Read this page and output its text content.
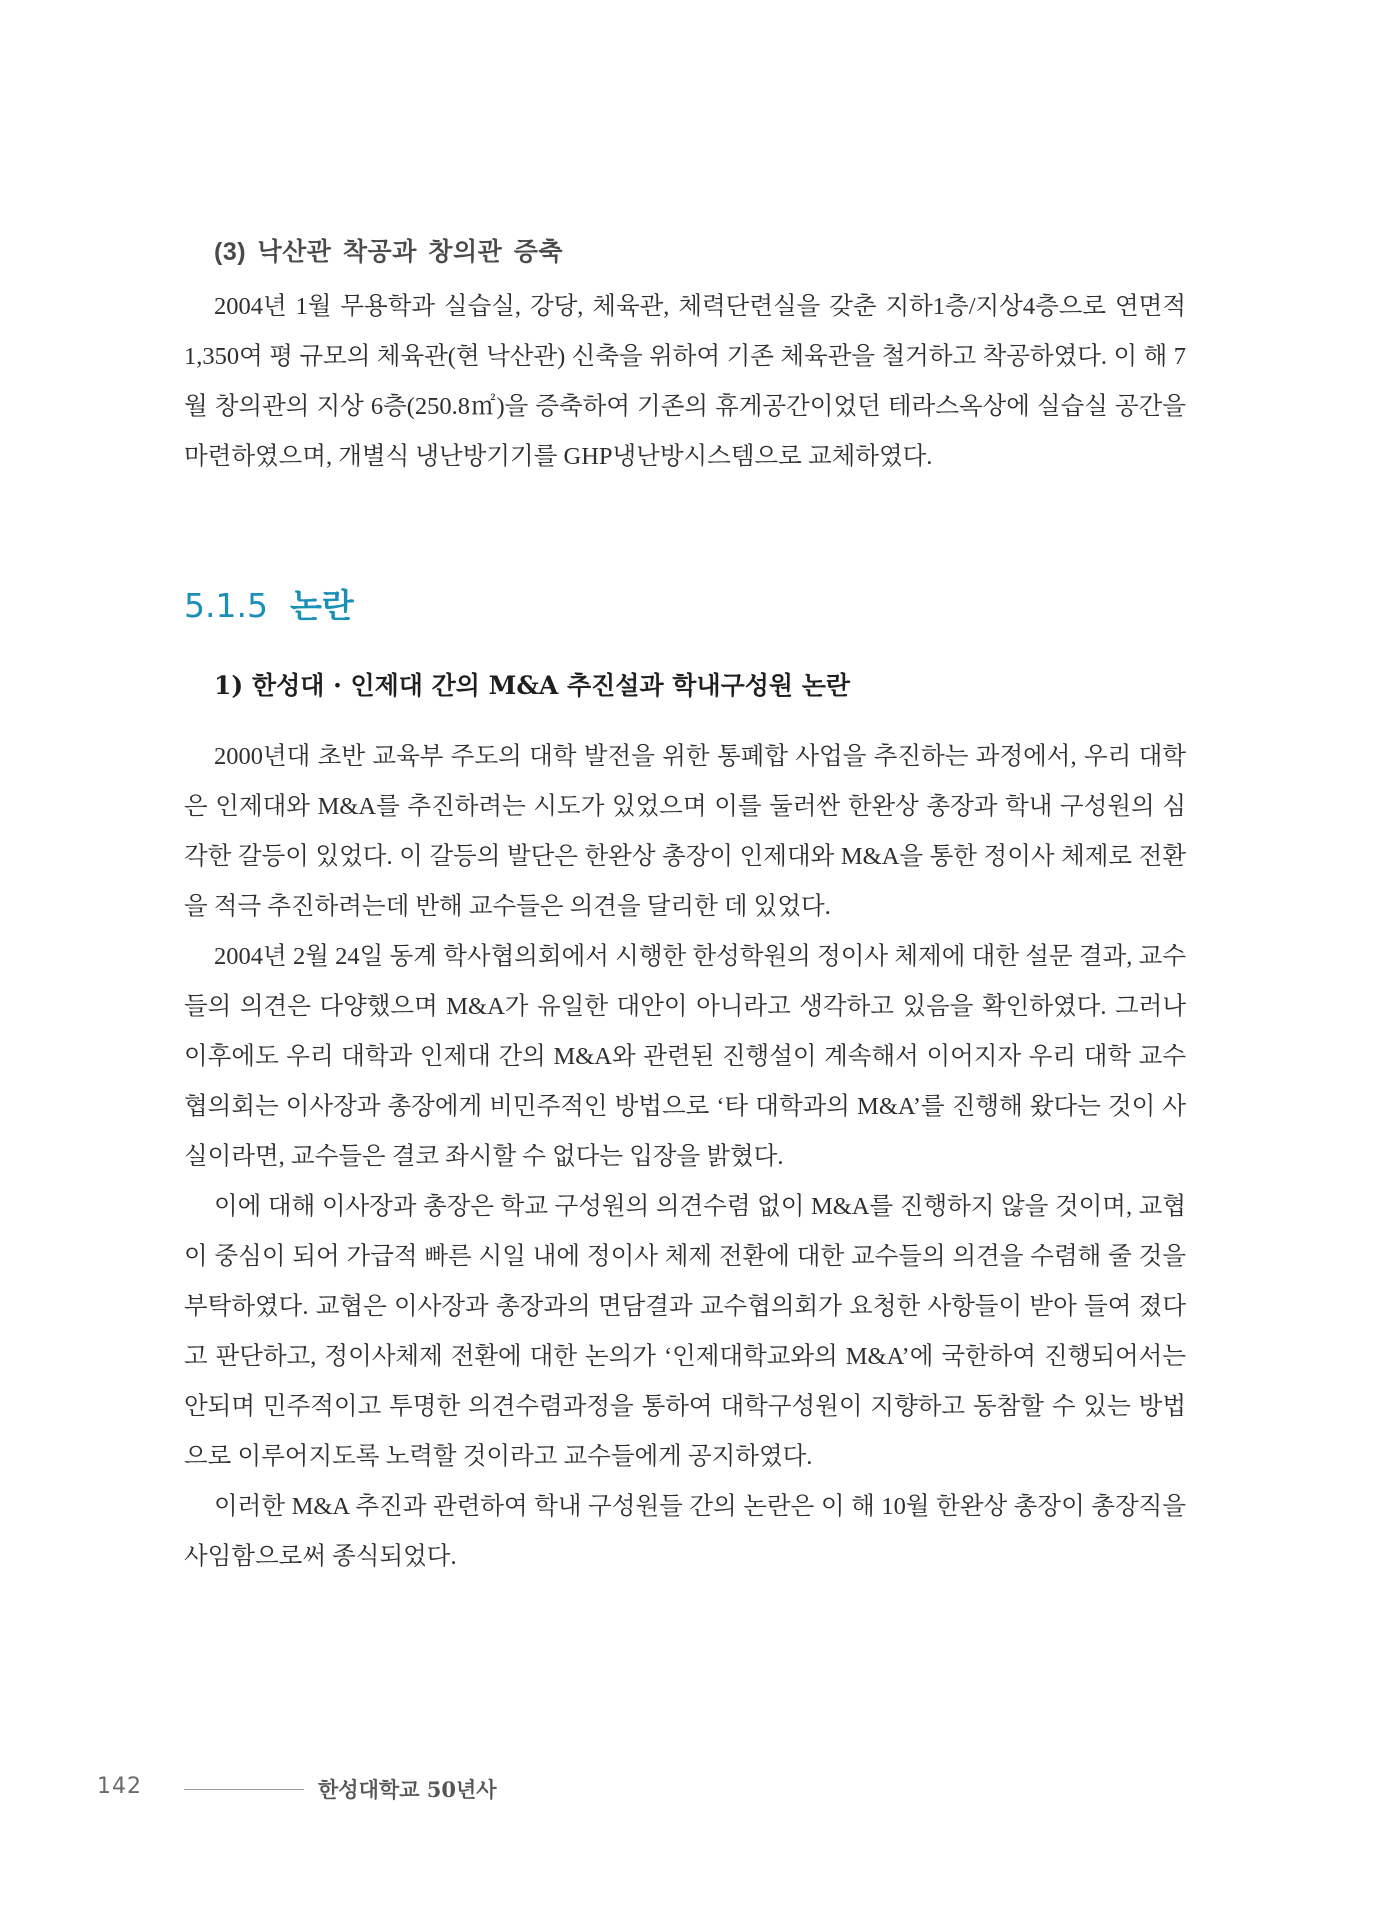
(3) 낙산관 착공과 창의관 증축

2004년 1월 무용학과 실습실, 강당, 체육관, 체력단련실을 갖춘 지하1층/지상4층으로 연면적 1,350여 평 규모의 체육관(현 낙산관) 신축을 위하여 기존 체육관을 철거하고 착공하였다. 이 해 7월 창의관의 지상 6층(250.8㎡)을 증축하여 기존의 휴게공간이었던 테라스옥상에 실습실 공간을 마련하였으며, 개별식 냉난방기기를 GHP냉난방시스템으로 교체하였다.

5.1.5 논란
1) 한성대 · 인제대 간의 M&A 추진설과 학내구성원 논란

2000년대 초반 교육부 주도의 대학 발전을 위한 통폐합 사업을 추진하는 과정에서, 우리 대학은 인제대와 M&A를 추진하려는 시도가 있었으며 이를 둘러싼 한완상 총장과 학내 구성원의 심각한 갈등이 있었다. 이 갈등의 발단은 한완상 총장이 인제대와 M&A을 통한 정이사 체제로 전환을 적극 추진하려는데 반해 교수들은 의견을 달리한 데 있었다.

2004년 2월 24일 동계 학사협의회에서 시행한 한성학원의 정이사 체제에 대한 설문 결과, 교수들의 의견은 다양했으며 M&A가 유일한 대안이 아니라고 생각하고 있음을 확인하였다. 그러나 이후에도 우리 대학과 인제대 간의 M&A와 관련된 진행설이 계속해서 이어지자 우리 대학 교수협의회는 이사장과 총장에게 비민주적인 방법으로 ‘타 대학과의 M&A’를 진행해 왔다는 것이 사실이라면, 교수들은 결코 좌시할 수 없다는 입장을 밝혔다.

이에 대해 이사장과 총장은 학교 구성원의 의견수렴 없이 M&A를 진행하지 않을 것이며, 교협이 중심이 되어 가급적 빠른 시일 내에 정이사 체제 전환에 대한 교수들의 의견을 수렴해 줄 것을 부탁하였다. 교협은 이사장과 총장과의 면담결과 교수협의회가 요청한 사항들이 받아 들여 졌다고 판단하고, 정이사체제 전환에 대한 논의가 ‘인제대학교와의 M&A’에 국한하여 진행되어서는 안되며 민주적이고 투명한 의견수렴과정을 통하여 대학구성원이 지향하고 동참할 수 있는 방법으로 이루어지도록 노력할 것이라고 교수들에게 공지하였다.

이러한 M&A 추진과 관련하여 학내 구성원들 간의 논란은 이 해 10월 한완상 총장이 총장직을 사임함으로써 종식되었다.

142	한성대학교 50년사
